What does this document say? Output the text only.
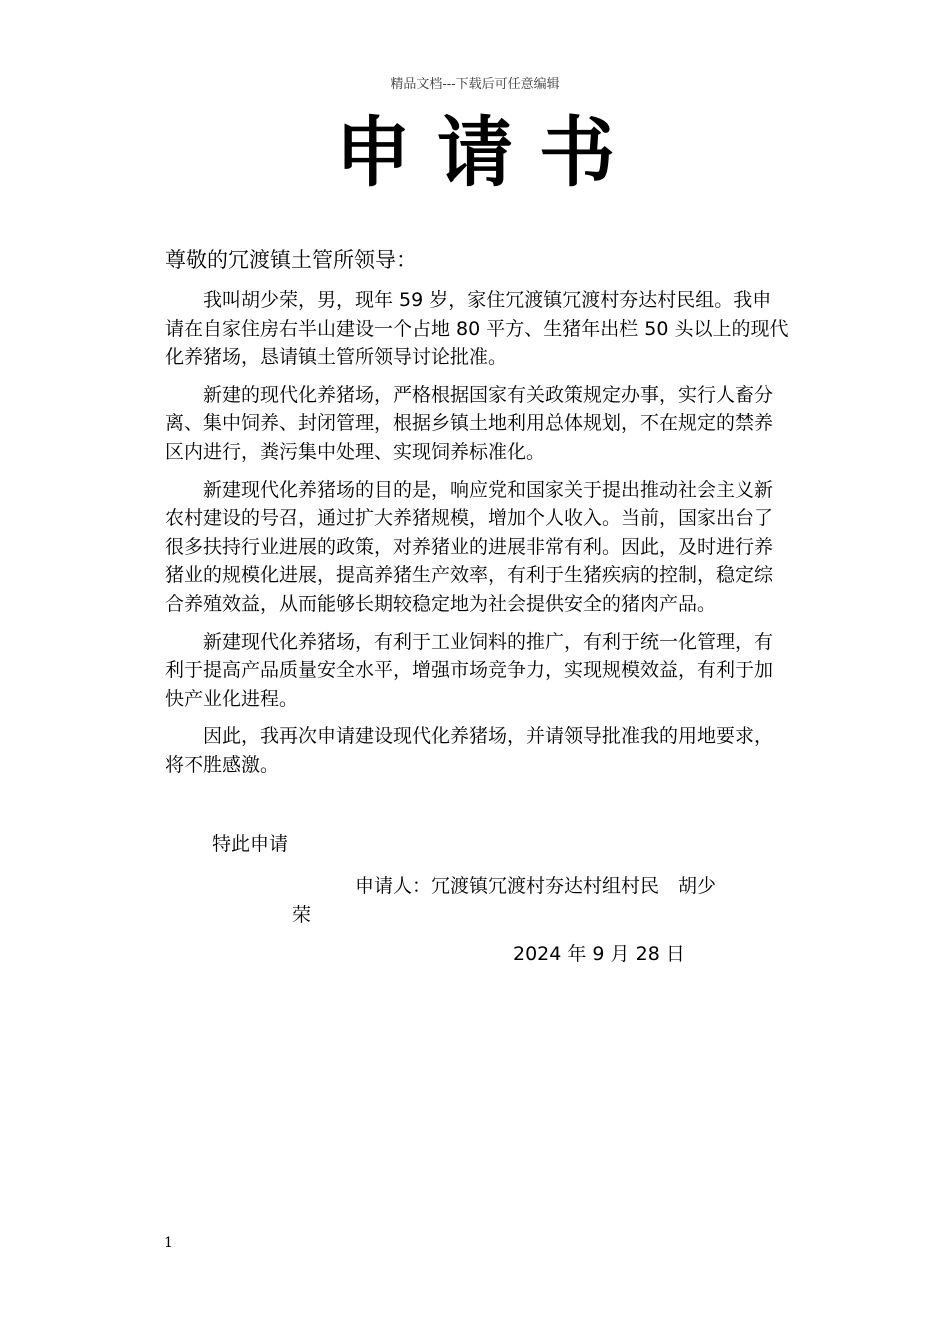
精品文档---下载后可任意编辑
申请书
尊敬的冗渡镇土管所领导：

我叫胡少荣，男，现年 59 岁，家住冗渡镇冗渡村夯达村民组。我申请在自家住房右半山建设一个占地 80 平方、生猪年出栏 50 头以上的现代化养猪场，恳请镇土管所领导讨论批准。

新建的现代化养猪场，严格根据国家有关政策规定办事，实行人畜分离、集中饲养、封闭管理，根据乡镇土地利用总体规划，不在规定的禁养区内进行，粪污集中处理、实现饲养标准化。

新建现代化养猪场的目的是，响应党和国家关于提出推动社会主义新农村建设的号召，通过扩大养猪规模，增加个人收入。当前，国家出台了很多扶持行业进展的政策，对养猪业的进展非常有利。因此，及时进行养猪业的规模化进展，提高养猪生产效率，有利于生猪疾病的控制，稳定综合养殖效益，从而能够长期较稳定地为社会提供安全的猪肉产品。

新建现代化养猪场，有利于工业饲料的推广，有利于统一化管理，有利于提高产品质量安全水平，增强市场竞争力，实现规模效益，有利于加快产业化进程。

因此，我再次申请建设现代化养猪场，并请领导批准我的用地要求，将不胜感激。

特此申请
申请人：冗渡镇冗渡村夯达村组村民　胡少
荣
2024 年 9 月 28 日
1
